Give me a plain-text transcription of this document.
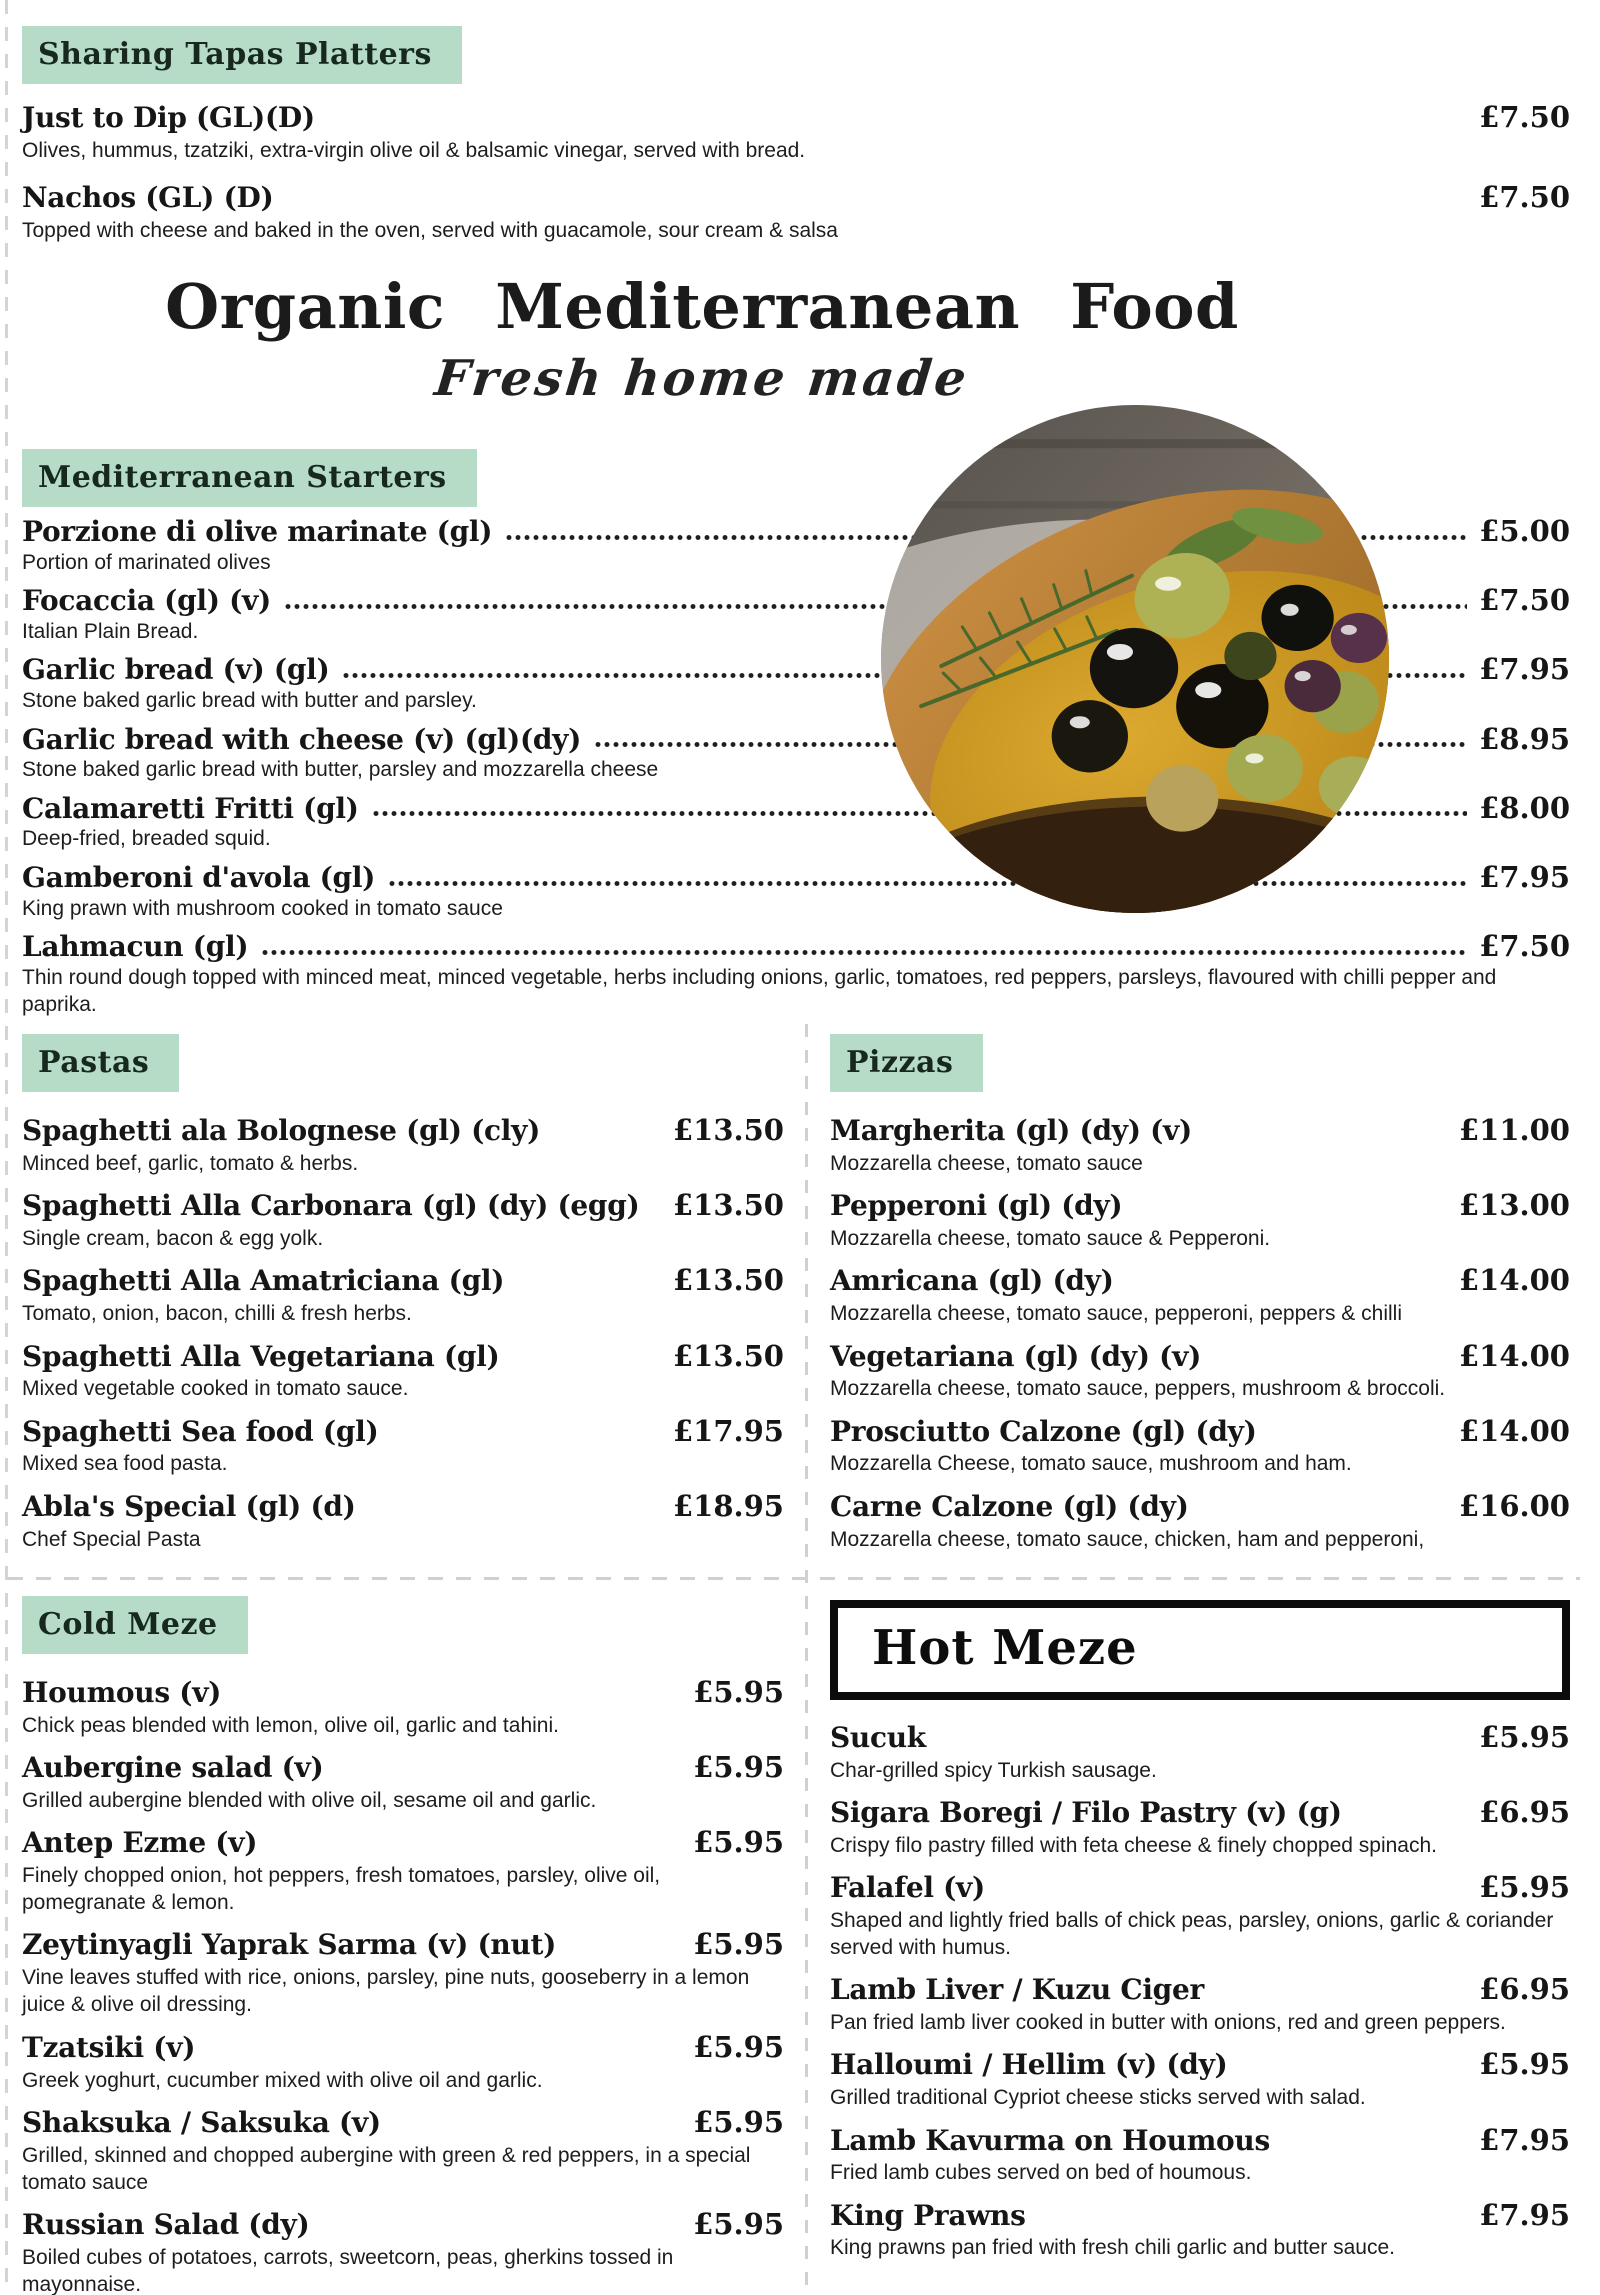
Sharing Tapas Platters
Just to Dip (GL)(D)	£7.50
Olives, hummus, tzatziki, extra-virgin olive oil & balsamic vinegar, served with bread.
Nachos (GL) (D)	£7.50
Topped with cheese and baked in the oven, served with guacamole, sour cream & salsa
Organic Mediterranean Food
Fresh home made
Mediterranean Starters
Porzione di olive marinate (gl)	£5.00
Portion of marinated olives
Focaccia (gl) (v)	£7.50
Italian Plain Bread.
Garlic bread (v) (gl)	£7.95
Stone baked garlic bread with butter and parsley.
Garlic bread with cheese (v) (gl)(dy)	£8.95
Stone baked garlic bread with butter, parsley and mozzarella cheese
Calamaretti Fritti (gl)	£8.00
Deep-fried, breaded squid.
Gamberoni d'avola (gl)	£7.95
King prawn with mushroom cooked in tomato sauce
Lahmacun (gl)	£7.50
Thin round dough topped with minced meat, minced vegetable, herbs including onions, garlic, tomatoes, red peppers, parsleys, flavoured with chilli pepper and paprika.
Pastas
Spaghetti ala Bolognese (gl) (cly)	£13.50
Minced beef, garlic, tomato & herbs.
Spaghetti Alla Carbonara (gl) (dy) (egg) £13.50
Single cream, bacon & egg yolk.
Spaghetti Alla Amatriciana (gl)	£13.50
Tomato, onion, bacon, chilli & fresh herbs.
Spaghetti Alla Vegetariana (gl)	£13.50
Mixed vegetable cooked in tomato sauce.
Spaghetti Sea food (gl)	£17.95
Mixed sea food pasta.
Abla's Special (gl) (d)	£18.95
Chef Special Pasta
Pizzas
Margherita (gl) (dy) (v)	£11.00
Mozzarella cheese, tomato sauce
Pepperoni (gl) (dy)	£13.00
Mozzarella cheese, tomato sauce & Pepperoni.
Amricana (gl) (dy)	£14.00
Mozzarella cheese, tomato sauce, pepperoni, peppers & chilli
Vegetariana (gl) (dy) (v)	£14.00
Mozzarella cheese, tomato sauce, peppers, mushroom & broccoli.
Prosciutto Calzone (gl) (dy)	£14.00
Mozzarella Cheese, tomato sauce, mushroom and ham.
Carne Calzone (gl) (dy)	£16.00
Mozzarella cheese, tomato sauce, chicken, ham and pepperoni,
Cold Meze
Houmous (v)	£5.95
Chick peas blended with lemon, olive oil, garlic and tahini.
Aubergine salad (v)	£5.95
Grilled aubergine blended with olive oil, sesame oil and garlic.
Antep Ezme (v)	£5.95
Finely chopped onion, hot peppers, fresh tomatoes, parsley, olive oil, pomegranate & lemon.
Zeytinyagli Yaprak Sarma (v) (nut)	£5.95
Vine leaves stuffed with rice, onions, parsley, pine nuts, gooseberry in a lemon juice & olive oil dressing.
Tzatsiki (v)	£5.95
Greek yoghurt, cucumber mixed with olive oil and garlic.
Shaksuka / Saksuka (v)	£5.95
Grilled, skinned and chopped aubergine with green & red peppers, in a special tomato sauce
Russian Salad (dy)	£5.95
Boiled cubes of potatoes, carrots, sweetcorn, peas, gherkins tossed in mayonnaise.
Hot Meze
Sucuk	£5.95
Char-grilled spicy Turkish sausage.
Sigara Boregi / Filo Pastry (v) (g)	£6.95
Crispy filo pastry filled with feta cheese & finely chopped spinach.
Falafel (v)	£5.95
Shaped and lightly fried balls of chick peas, parsley, onions, garlic & coriander served with humus.
Lamb Liver / Kuzu Ciger	£6.95
Pan fried lamb liver cooked in butter with onions, red and green peppers.
Halloumi / Hellim (v) (dy)	£5.95
Grilled traditional Cypriot cheese sticks served with salad.
Lamb Kavurma on Houmous	£7.95
Fried lamb cubes served on bed of houmous.
King Prawns	£7.95
King prawns pan fried with fresh chili garlic and butter sauce.
